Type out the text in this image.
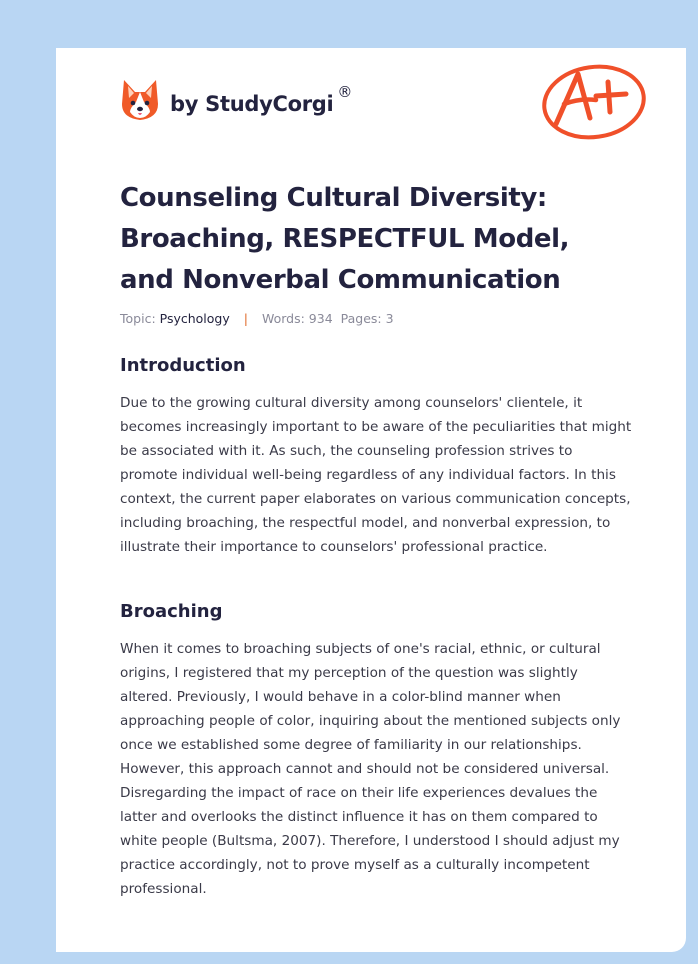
by StudyCorgi ®
Counseling Cultural Diversity: Broaching, RESPECTFUL Model, and Nonverbal Communication
Topic: Psychology | Words: 934 Pages: 3
Introduction

Due to the growing cultural diversity among counselors' clientele, it becomes increasingly important to be aware of the peculiarities that might be associated with it. As such, the counseling profession strives to promote individual well-being regardless of any individual factors. In this context, the current paper elaborates on various communication concepts, including broaching, the respectful model, and nonverbal expression, to illustrate their importance to counselors' professional practice.

Broaching

When it comes to broaching subjects of one's racial, ethnic, or cultural origins, I registered that my perception of the question was slightly altered. Previously, I would behave in a color-blind manner when approaching people of color, inquiring about the mentioned subjects only once we established some degree of familiarity in our relationships. However, this approach cannot and should not be considered universal. Disregarding the impact of race on their life experiences devalues the latter and overlooks the distinct influence it has on them compared to white people (Bultsma, 2007). Therefore, I understood I should adjust my practice accordingly, not to prove myself as a culturally incompetent professional.
